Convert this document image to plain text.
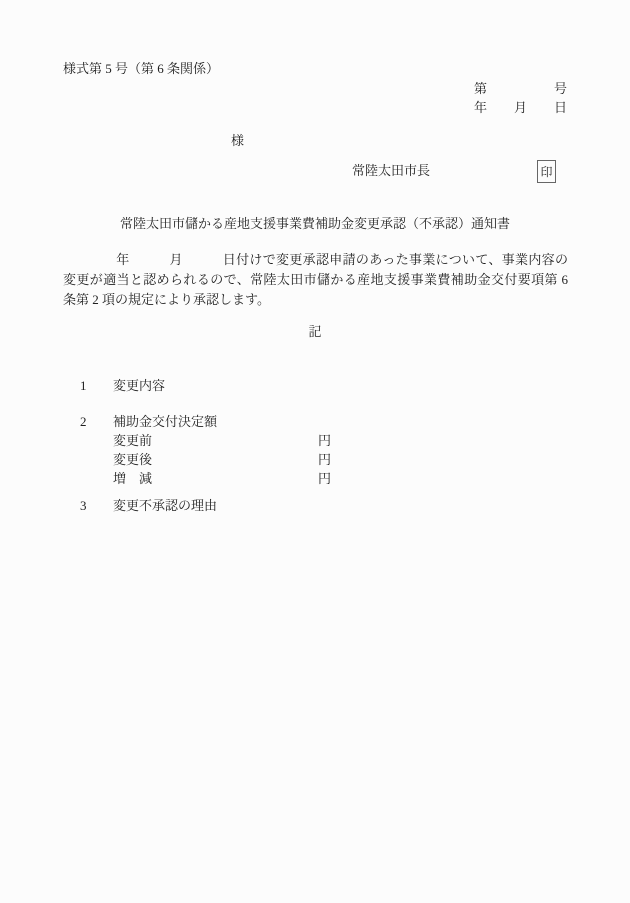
様式第 5 号（第 6 条関係）
第	号
年 月 日
様
常陸太田市長	印
常陸太田市儲かる産地支援事業費補助金変更承認（不承認）通知書
　　　　年　　　月　　　日付けで変更承認申請のあった事業について、事業内容の変更が適当と認められるので、常陸太田市儲かる産地支援事業費補助金交付要項第 6 条第 2 項の規定により承認します。
記

1 変更内容

2 補助金交付決定額

変更前	円

変更後	円

増　減	円

3 変更不承認の理由
